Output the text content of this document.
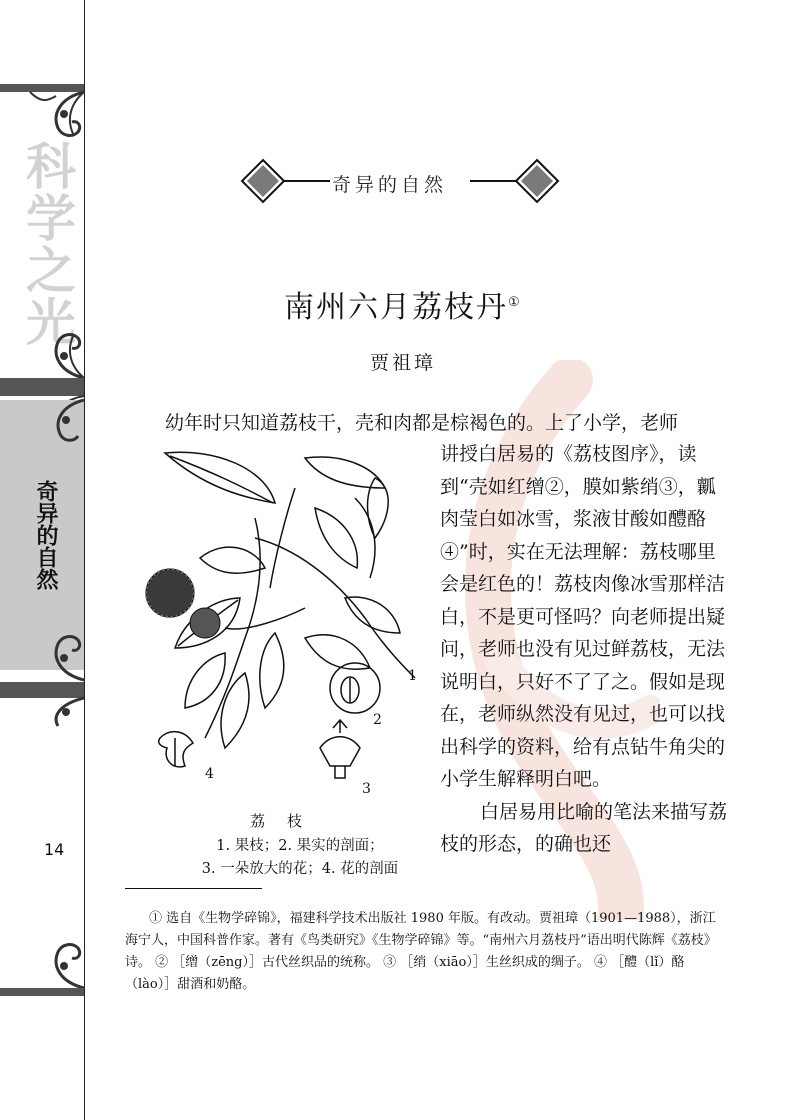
科学之光
奇异的自然
14
奇异的自然
南州六月荔枝丹①
贾祖璋
幼年时只知道荔枝干，壳和肉都是棕褐色的。上了小学，老师

讲授白居易的《荔枝图序》，读到“壳如红缯②，膜如紫绡③，瓤肉莹白如冰雪，浆液甘酸如醴酪④”时，实在无法理解：荔枝哪里会是红色的！荔枝肉像冰雪那样洁白，不是更可怪吗？向老师提出疑问，老师也没有见过鲜荔枝，无法说明白，只好不了了之。假如是现在，老师纵然没有见过，也可以找出科学的资料，给有点钻牛角尖的小学生解释明白吧。

白居易用比喻的笔法来描写荔枝的形态，的确也还

1
2
3
4
荔枝
1. 果枝；2. 果实的剖面；
3. 一朵放大的花；4. 花的剖面
① 选自《生物学碎锦》，福建科学技术出版社 1980 年版。有改动。贾祖璋（1901—1988），浙江海宁人，中国科普作家。著有《鸟类研究》《生物学碎锦》等。“南州六月荔枝丹”语出明代陈辉《荔枝》诗。 ② ［缯（zēng）］古代丝织品的统称。 ③ ［绡（xiāo）］生丝织成的绸子。 ④ ［醴（lǐ）酪（lào）］甜酒和奶酪。
